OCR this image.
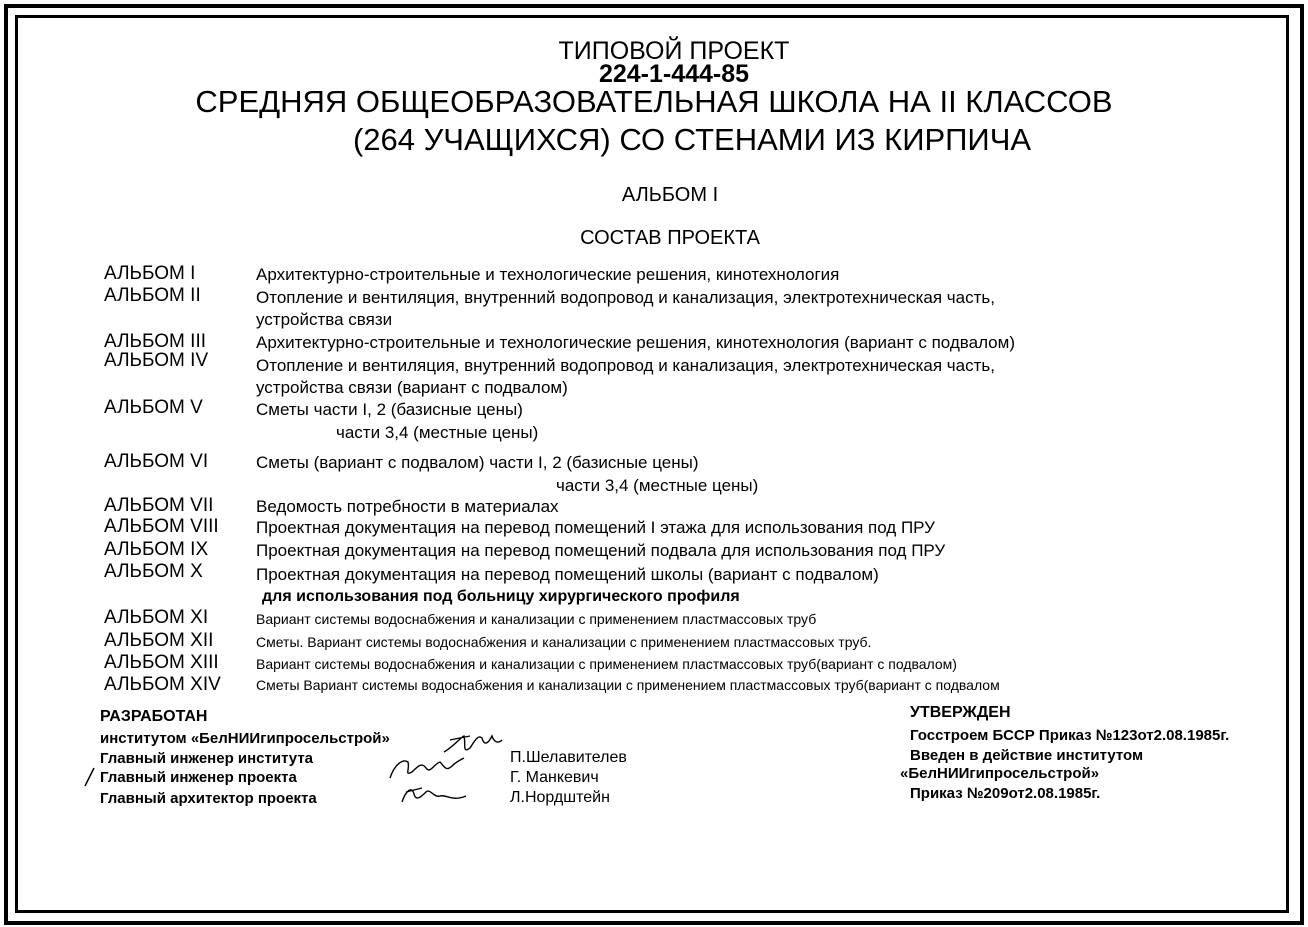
ТИПОВОЙ ПРОЕКТ
224-1-444-85
СРЕДНЯЯ ОБЩЕОБРАЗОВАТЕЛЬНАЯ ШКОЛА НА II КЛАССОВ
(264 УЧАЩИХСЯ) СО СТЕНАМИ ИЗ КИРПИЧА
АЛЬБОМ I
СОСТАВ ПРОЕКТА
АЛЬБОМ I	Архитектурно-строительные и технологические решения, кинотехнология
АЛЬБОМ II	Отопление и вентиляция, внутренний водопровод и канализация, электротехническая часть,
устройства связи
АЛЬБОМ III	Архитектурно-строительные и технологические решения, кинотехнология (вариант с подвалом)
АЛЬБОМ IV	Отопление и вентиляция, внутренний водопровод и канализация, электротехническая часть,
устройства связи (вариант с подвалом)
АЛЬБОМ V	Сметы части I, 2 (базисные цены)
части 3,4 (местные цены)
АЛЬБОМ VI	Сметы (вариант с подвалом) части I, 2 (базисные цены)
части 3,4 (местные цены)
АЛЬБОМ VII	Ведомость потребности в материалах
АЛЬБОМ VIII Проектная документация на перевод помещений I этажа для использования под ПРУ
АЛЬБОМ IX	Проектная документация на перевод помещений подвала для использования под ПРУ
АЛЬБОМ X	Проектная документация на перевод помещений школы (вариант с подвалом)
для использования под больницу хирургического профиля
АЛЬБОМ XI	Вариант системы водоснабжения и канализации с применением пластмассовых труб
АЛЬБОМ XII	Сметы. Вариант системы водоснабжения и канализации с применением пластмассовых труб.
АЛЬБОМ XIII	Вариант системы водоснабжения и канализации с применением пластмассовых труб(вариант с подвалом)
АЛЬБОМ XIV	Сметы Вариант системы водоснабжения и канализации с применением пластмассовых труб(вариант с подвалом
РАЗРАБОТАН
институтом «БелНИИгипросельстрой»
Главный инженер института
Главный инженер проекта
Главный архитектор проекта
П.Шелавителев
Г. Манкевич
Л.Нордштейн
УТВЕРЖДЕН
Госстроем БССР Приказ №123от2.08.1985г.
Введен в действие институтом
«БелНИИгипросельстрой»
Приказ №209от2.08.1985г.
